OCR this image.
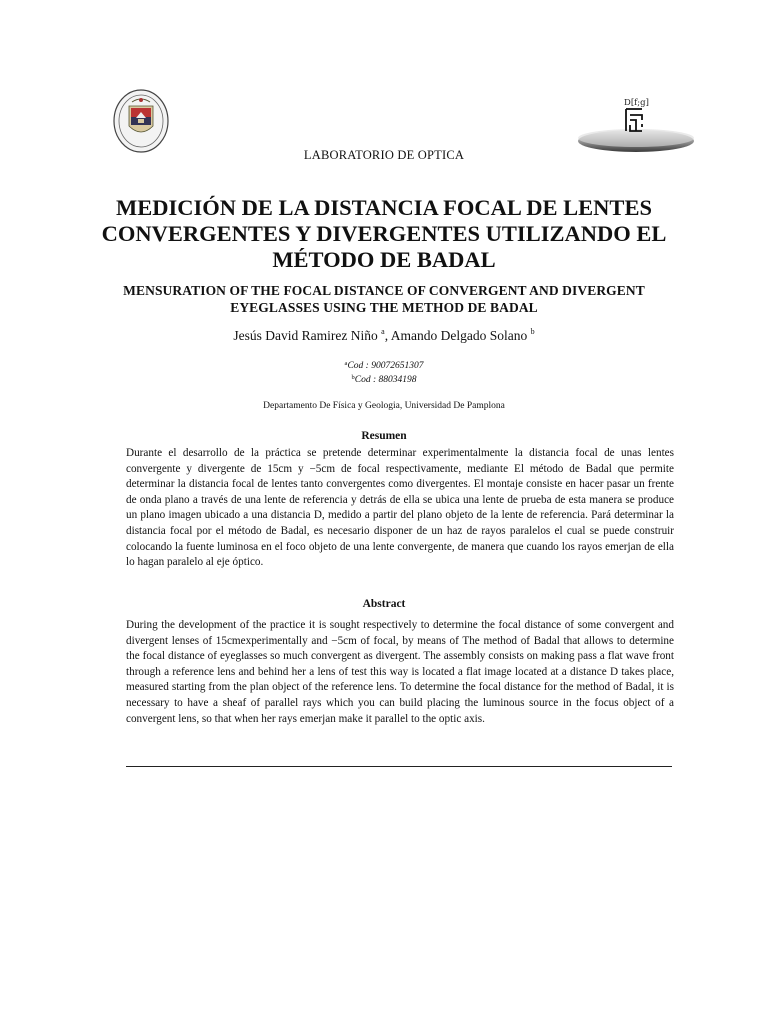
D[f;g]
LABORATORIO DE OPTICA
MEDICIÓN DE LA DISTANCIA FOCAL DE LENTES
CONVERGENTES Y DIVERGENTES UTILIZANDO EL
MÉTODO DE BADAL
MENSURATION OF THE FOCAL DISTANCE OF CONVERGENT AND DIVERGENT
EYEGLASSES USING THE METHOD DE BADAL
Jesús David Ramirez Niño $^a$, Amando Delgado Solano $^b$
$^a$Cod : 90072651307
$^b$Cod : 88034198
Departamento De Física y Geologia, Universidad De Pamplona
Resumen
Durante el desarrollo de la práctica se pretende determinar experimentalmente la distancia focal de unas lentes convergente y divergente de 15cm y −5cm de focal respectivamente, mediante El método de Badal que permite determinar la distancia focal de lentes tanto convergentes como divergentes. El montaje consiste en hacer pasar un frente de onda plano a través de una lente de referencia y detrás de ella se ubica una lente de prueba de esta manera se produce un plano imagen ubicado a una distancia D, medido a partir del plano objeto de la lente de referencia. Pará determinar la distancia focal por el método de Badal, es necesario disponer de un haz de rayos paralelos el cual se puede construir colocando la fuente luminosa en el foco objeto de una lente convergente, de manera que cuando los rayos emerjan de ella lo hagan paralelo al eje óptico.
Abstract
During the development of the practice it is sought respectively to determine the focal distance of some convergent and divergent lenses of 15cmexperimentally and −5cm of focal, by means of The method of Badal that allows to determine the focal distance of eyeglasses so much convergent as divergent. The assembly consists on making pass a flat wave front through a reference lens and behind her a lens of test this way is located a flat image located at a distance D takes place, measured starting from the plan object of the reference lens. To determine the focal distance for the method of Badal, it is necessary to have a sheaf of parallel rays which you can build placing the luminous source in the focus object of a convergent lens, so that when her rays emerjan make it parallel to the optic axis.
